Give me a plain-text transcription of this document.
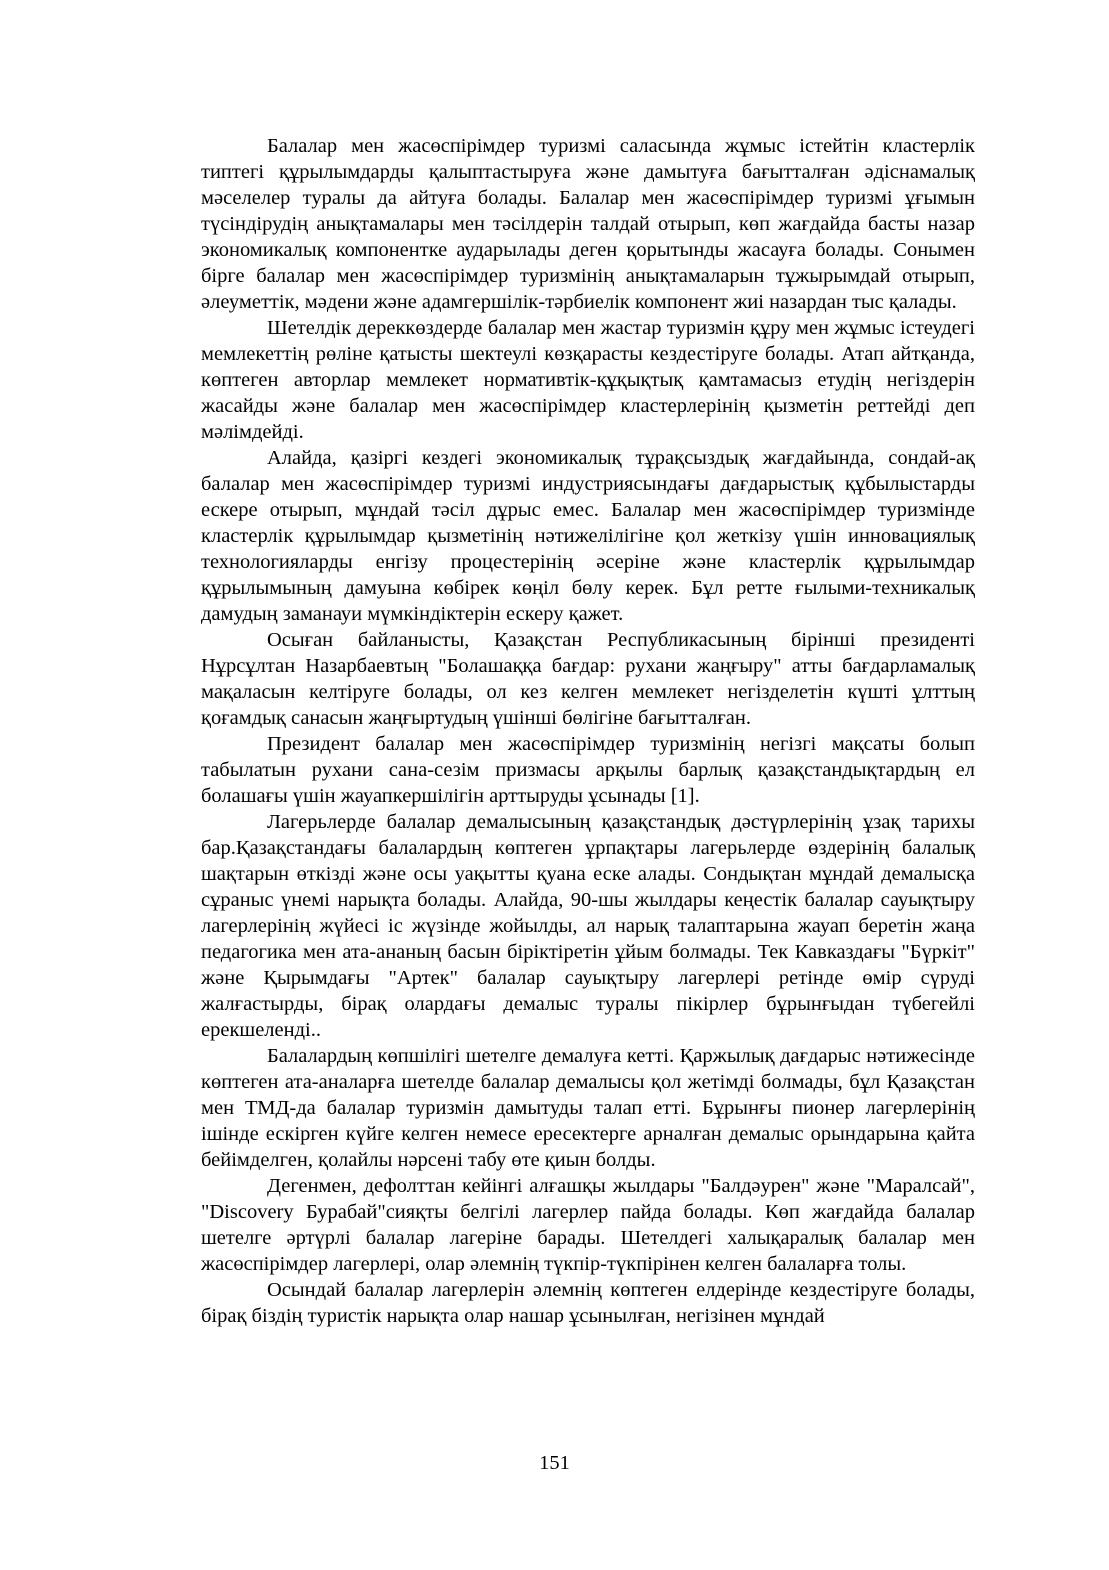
Балалар мен жасөспірімдер туризмі саласында жұмыс істейтін кластерлік типтегі құрылымдарды қалыптастыруға және дамытуға бағытталған әдіснамалық мәселелер туралы да айтуға болады. Балалар мен жасөспірімдер туризмі ұғымын түсіндірудің анықтамалары мен тәсілдерін талдай отырып, көп жағдайда басты назар экономикалық компонентке аударылады деген қорытынды жасауға болады. Сонымен бірге балалар мен жасөспірімдер туризмінің анықтамаларын тұжырымдай отырып, әлеуметтік, мәдени және адамгершілік-тәрбиелік компонент жиі назардан тыс қалады.

Шетелдік дереккөздерде балалар мен жастар туризмін құру мен жұмыс істеудегі мемлекеттің рөліне қатысты шектеулі көзқарасты кездестіруге болады. Атап айтқанда, көптеген авторлар мемлекет нормативтік-құқықтық қамтамасыз етудің негіздерін жасайды және балалар мен жасөспірімдер кластерлерінің қызметін реттейді деп мәлімдейді.

Алайда, қазіргі кездегі экономикалық тұрақсыздық жағдайында, сондай-ақ балалар мен жасөспірімдер туризмі индустриясындағы дағдарыстық құбылыстарды ескере отырып, мұндай тәсіл дұрыс емес. Балалар мен жасөспірімдер туризмінде кластерлік құрылымдар қызметінің нәтижелілігіне қол жеткізу үшін инновациялық технологияларды енгізу процестерінің әсеріне және кластерлік құрылымдар құрылымының дамуына көбірек көңіл бөлу керек. Бұл ретте ғылыми-техникалық дамудың заманауи мүмкіндіктерін ескеру қажет.

Осыған байланысты, Қазақстан Республикасының бірінші президенті Нұрсұлтан Назарбаевтың "Болашаққа бағдар: рухани жаңғыру" атты бағдарламалық мақаласын келтіруге болады, ол кез келген мемлекет негізделетін күшті ұлттың қоғамдық санасын жаңғыртудың үшінші бөлігіне бағытталған.

Президент балалар мен жасөспірімдер туризмінің негізгі мақсаты болып табылатын рухани сана-сезім призмасы арқылы барлық қазақстандықтардың ел болашағы үшін жауапкершілігін арттыруды ұсынады [1].

Лагерьлерде балалар демалысының қазақстандық дәстүрлерінің ұзақ тарихы бар.Қазақстандағы балалардың көптеген ұрпақтары лагерьлерде өздерінің балалық шақтарын өткізді және осы уақытты қуана еске алады. Сондықтан мұндай демалысқа сұраныс үнемі нарықта болады. Алайда, 90-шы жылдары кеңестік балалар сауықтыру лагерлерінің жүйесі іс жүзінде жойылды, ал нарық талаптарына жауап беретін жаңа педагогика мен ата-ананың басын біріктіретін ұйым болмады. Тек Кавказдағы "Бүркіт" және Қырымдағы "Артек" балалар сауықтыру лагерлері ретінде өмір сүруді жалғастырды, бірақ олардағы демалыс туралы пікірлер бұрынғыдан түбегейлі ерекшеленді..

Балалардың көпшілігі шетелге демалуға кетті. Қаржылық дағдарыс нәтижесінде көптеген ата-аналарға шетелде балалар демалысы қол жетімді болмады, бұл Қазақстан мен ТМД-да балалар туризмін дамытуды талап етті. Бұрынғы пионер лагерлерінің ішінде ескірген күйге келген немесе ересектерге арналған демалыс орындарына қайта бейімделген, қолайлы нәрсені табу өте қиын болды.

Дегенмен, дефолттан кейінгі алғашқы жылдары "Балдәурен" және "Маралсай", "Discovery Бурабай"сияқты белгілі лагерлер пайда болады. Көп жағдайда балалар шетелге әртүрлі балалар лагеріне барады. Шетелдегі халықаралық балалар мен жасөспірімдер лагерлері, олар әлемнің түкпір-түкпірінен келген балаларға толы.

Осындай балалар лагерлерін әлемнің көптеген елдерінде кездестіруге болады, бірақ біздің туристік нарықта олар нашар ұсынылған, негізінен мұндай

151
